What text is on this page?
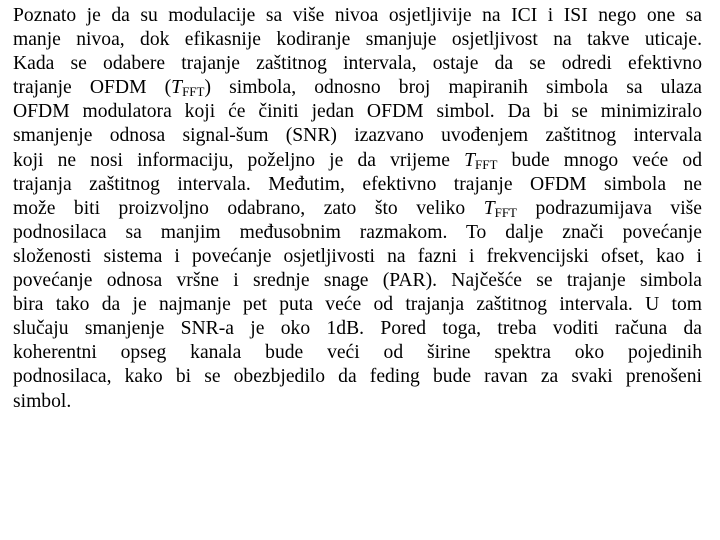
Poznato je da su modulacije sa više nivoa osjetljivije na ICI i ISI nego one sa
manje nivoa, dok efikasnije kodiranje smanjuje osjetljivost na takve uticaje.
Kada se odabere trajanje zaštitnog intervala, ostaje da se odredi efektivno
trajanje OFDM $(T_{FFT})$ simbola, odnosno broj mapiranih simbola sa ulaza
OFDM modulatora koji će činiti jedan OFDM simbol. Da bi se minimiziralo
smanjenje odnosa signal-šum (SNR) izazvano uvođenjem zaštitnog intervala
koji ne nosi informaciju, poželjno je da vrijeme $T_{FFT}$ bude mnogo veće od
trajanja zaštitnog intervala. Međutim, efektivno trajanje OFDM simbola ne
može biti proizvoljno odabrano, zato što veliko $T_{FFT}$ podrazumijava više
podnosilaca sa manjim međusobnim razmakom. To dalje znači povećanje
složenosti sistema i povećanje osjetljivosti na fazni i frekvencijski ofset, kao i
povećanje odnosa vršne i srednje snage (PAR). Najčešće se trajanje simbola
bira tako da je najmanje pet puta veće od trajanja zaštitnog intervala. U tom
slučaju smanjenje SNR-a je oko 1dB. Pored toga, treba voditi računa da
koherentni opseg kanala bude veći od širine spektra oko pojedinih
podnosilaca, kako bi se obezbjedilo da feding bude ravan za svaki prenošeni
simbol.
